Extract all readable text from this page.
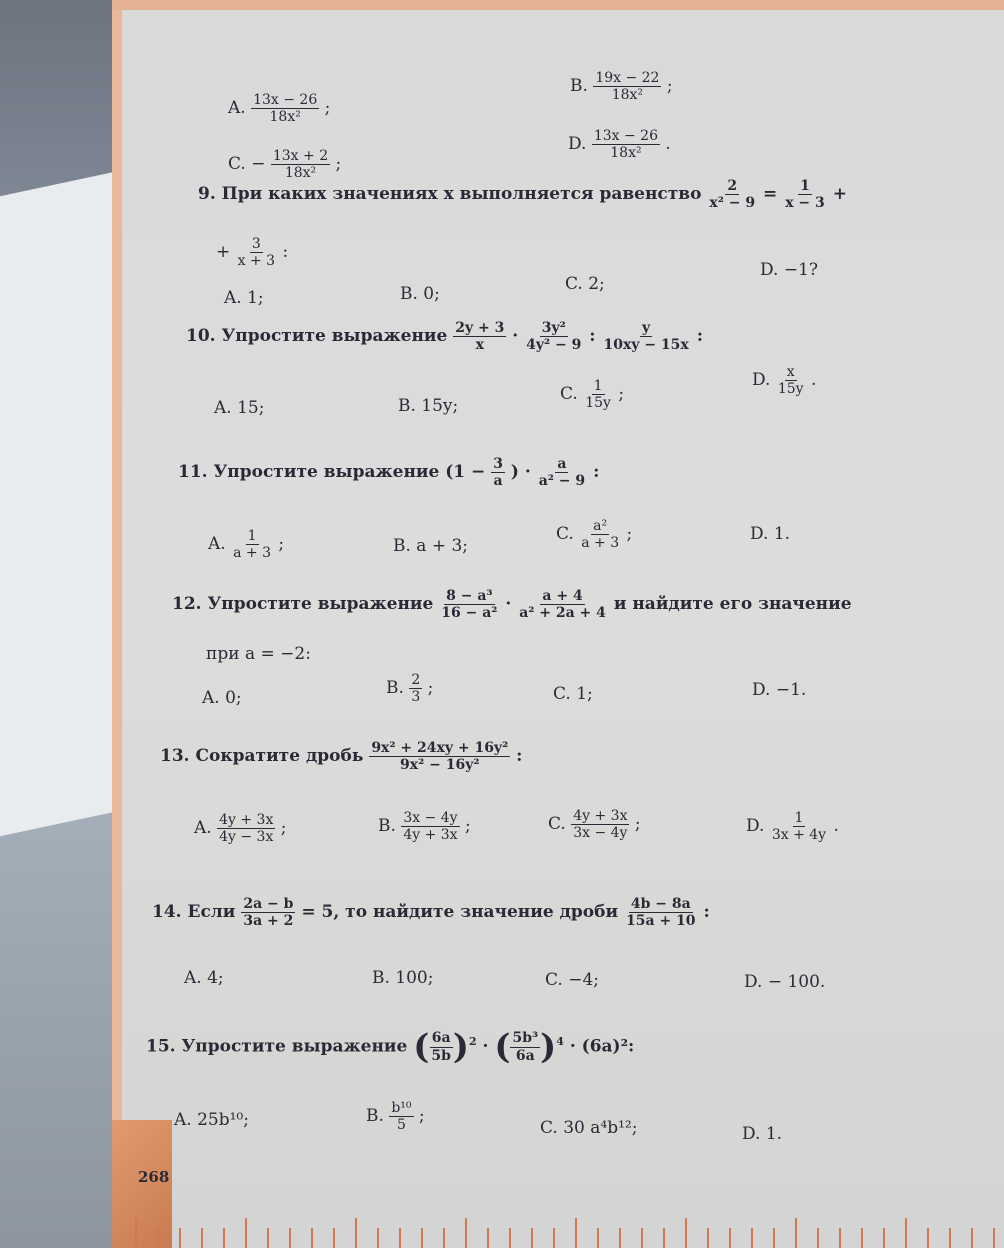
A. $\frac{13x - 26}{\text{18x²}}$ ;
B. $\frac{19x - 22}{\text{18x²}}$ ;
C. − $\frac{13x + 2}{\text{18x²}}$ ;
D. $\frac{13x - 26}{\text{18x²}}$ .
9. При каких значениях x выполняется равенство $\frac{2}{\text{x² − 9}} = \frac{1}{x - 3}$ +
+ $\frac{3}{x + 3}$ :
A. 1;	B. 0;	C. 2;
D. −1?
10. Упростите выражение $\frac{2y + 3}{x} \cdot \frac{\text{3y²}}{\text{4y² − 9}}$ : $\frac{y}{10xy - 15x}$ :
A. 15;	B. 15y;
C. $\frac{1}{15y}$ ;
D. $\frac{x}{15y}$ .
11. Упростите выражение ($1 - \frac{3}{a}$ ) · $\frac{a}{\text{a² − 9}}$ :
A. $\frac{1}{a + 3}$ ;	B. a + 3;
C. $\frac{\text{a²}}{a + 3}$ ;	D. 1.
12. Упростите выражение $\frac{\text{8 − a³}}{\text{16 − a²}} \cdot \frac{a + 4}{\text{a² + 2a + 4}}$ и найдите его значение
при a = −2:
A. 0;	B. $\frac{2}{3}$ ;	C. 1;	D. −1.
13. Сократите дробь $\frac{\text{9x² + 24xy + 16y²}}{\text{9x² − 16y²}}$ :
A. $\frac{4y + 3x}{4y - 3x}$ ;	B. $\frac{3x - 4y}{4y + 3x}$ ;	C. $\frac{4y + 3x}{3x - 4y}$ ;	D. $\frac{1}{3x + 4y}$ .
14. Если $\frac{2a - b}{3a + 2} = 5$, то найдите значение дроби $\frac{4b - 8a}{15a + 10}$ :
A. 4;	B. 100;	C. −4;	D. − 100.
15. Упростите выражение ( $\frac{6a}{5b} )^2$ · ( $\frac{\text{5b³}}{6a} )^4 \cdot (6a)^2$:
A. 25b¹⁰;	B. $\frac{\text{b¹⁰}}{5}$ ;
C. 30 a⁴b¹²;	D. 1.
268
